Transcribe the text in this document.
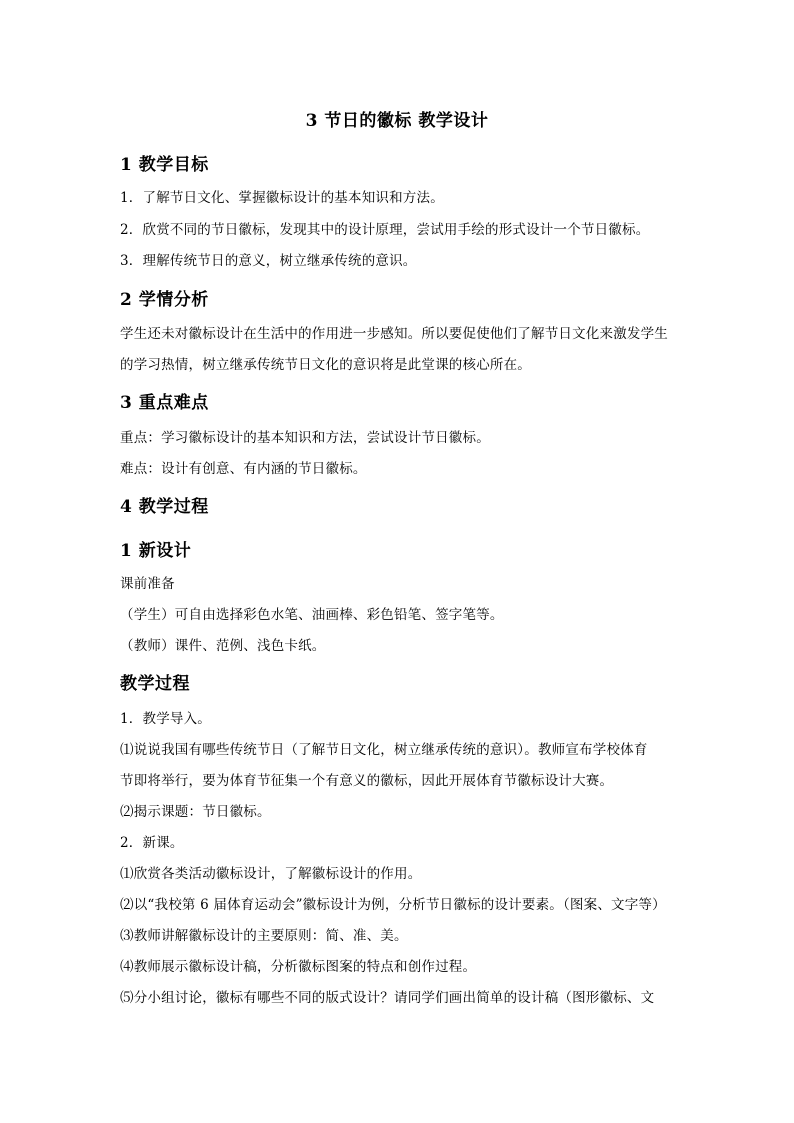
3 节日的徽标 教学设计
1 教学目标
1．了解节日文化、掌握徽标设计的基本知识和方法。
2．欣赏不同的节日徽标，发现其中的设计原理，尝试用手绘的形式设计一个节日徽标。
3．理解传统节日的意义，树立继承传统的意识。
2 学情分析
学生还未对徽标设计在生活中的作用进一步感知。所以要促使他们了解节日文化来激发学生
的学习热情，树立继承传统节日文化的意识将是此堂课的核心所在。
3 重点难点
重点：学习徽标设计的基本知识和方法，尝试设计节日徽标。
难点：设计有创意、有内涵的节日徽标。
4 教学过程
1 新设计
课前准备
（学生）可自由选择彩色水笔、油画棒、彩色铅笔、签字笔等。
（教师）课件、范例、浅色卡纸。
教学过程
1．教学导入。
⑴说说我国有哪些传统节日（了解节日文化，树立继承传统的意识）。教师宣布学校体育
节即将举行，要为体育节征集一个有意义的徽标，因此开展体育节徽标设计大赛。
⑵揭示课题：节日徽标。
2．新课。
⑴欣赏各类活动徽标设计，了解徽标设计的作用。
⑵以“我校第 6 届体育运动会”徽标设计为例，分析节日徽标的设计要素。（图案、文字等）
⑶教师讲解徽标设计的主要原则：简、准、美。
⑷教师展示徽标设计稿，分析徽标图案的特点和创作过程。
⑸分小组讨论，徽标有哪些不同的版式设计？请同学们画出简单的设计稿（图形徽标、文
